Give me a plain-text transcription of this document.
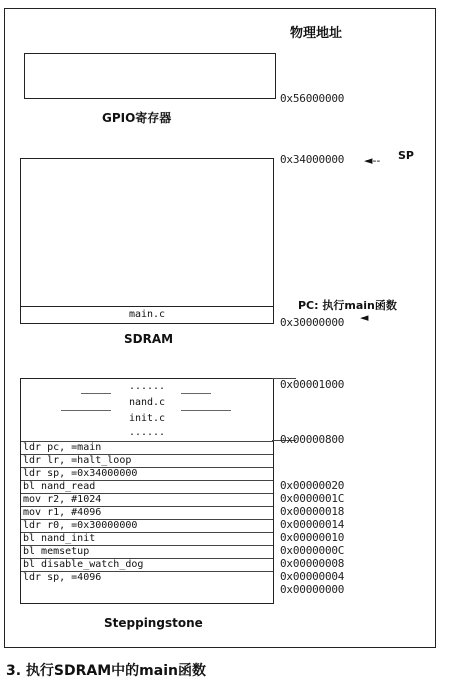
物理地址
GPIO寄存器
0x56000000
main.c
SDRAM
0x34000000 ◄-- SP
PC: 执行main函数
◄
0x30000000
......
nand.c
init.c
......
ldr pc, =main
ldr lr, =halt_loop
ldr sp, =0x34000000
bl nand_read
mov r2, #1024
mov r1, #4096
ldr r0, =0x30000000
bl nand_init
bl memsetup
bl disable_watch_dog
ldr sp, =4096
0x00001000
0x00000800
0x00000020
0x0000001C
0x00000018
0x00000014
0x00000010
0x0000000C
0x00000008
0x00000004
0x00000000
Steppingstone
3. 执行SDRAM中的main函数
